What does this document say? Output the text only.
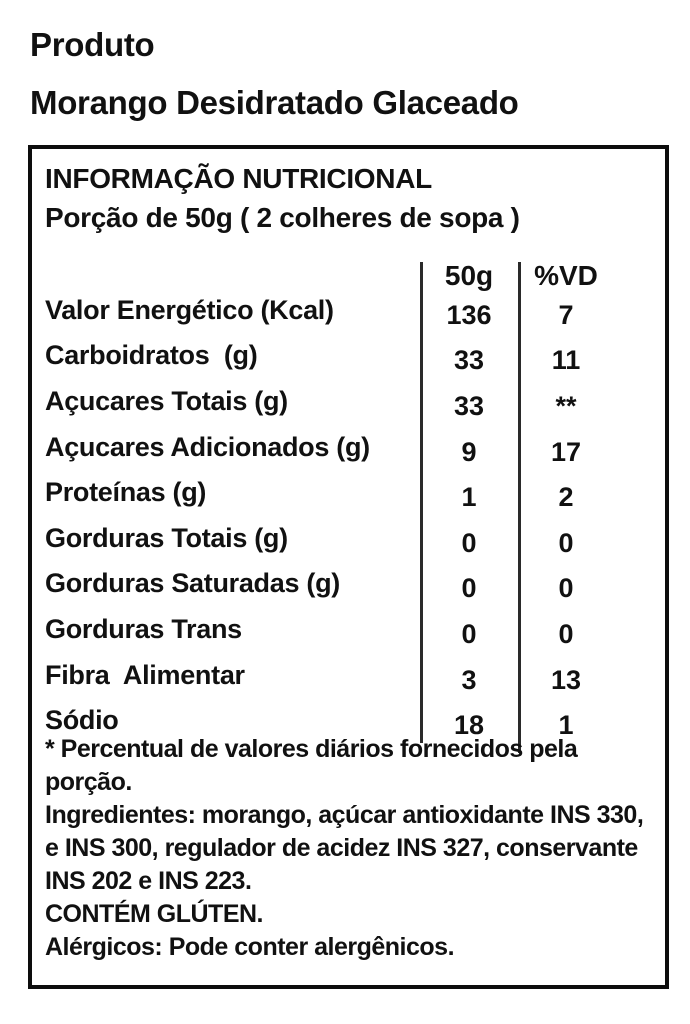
Produto
Morango Desidratado Glaceado
INFORMAÇÃO NUTRICIONAL
Porção de 50g ( 2 colheres de sopa )
50g	%VD
Valor Energético (Kcal)	136	7
Carboidratos  (g)	33	11
Açucares Totais (g)	33	**
Açucares Adicionados (g)	9	17
Proteínas (g)	1	2
Gorduras Totais (g)	0	0
Gorduras Saturadas (g)	0	0
Gorduras Trans	0	0
Fibra  Alimentar	3	13
Sódio	18	1

* Percentual de valores diários fornecidos pela porção.

Ingredientes: morango, açúcar antioxidante INS 330, e INS 300, regulador de acidez INS 327, conservante INS 202 e INS 223.

CONTÉM GLÚTEN.

Alérgicos: Pode conter alergênicos.
